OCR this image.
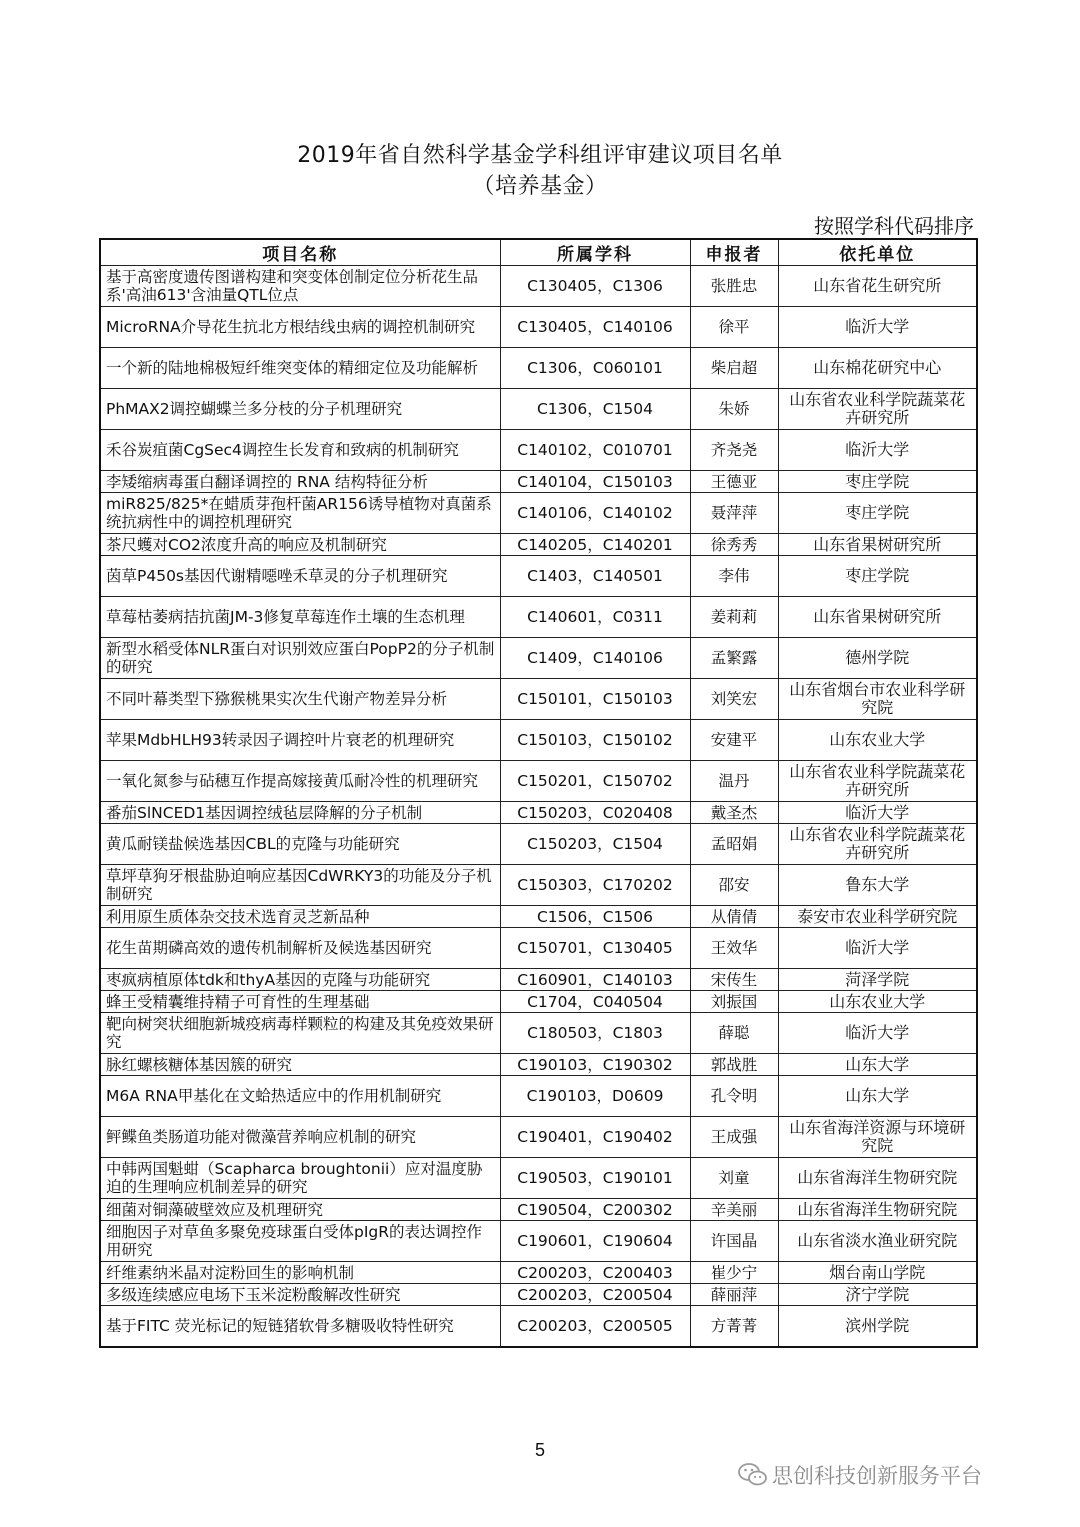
2019年省自然科学基金学科组评审建议项目名单
（培养基金）
按照学科代码排序
项目名称	所属学科	申报者	依托单位
基于高密度遗传图谱构建和突变体创制定位分析花生品系'高油613'含油量QTL位点	C130405，C1306	张胜忠	山东省花生研究所
MicroRNA介导花生抗北方根结线虫病的调控机制研究	C130405，C140106	徐平	临沂大学
一个新的陆地棉极短纤维突变体的精细定位及功能解析	C1306，C060101	柴启超	山东棉花研究中心
PhMAX2调控蝴蝶兰多分枝的分子机理研究	C1306，C1504	朱娇	山东省农业科学院蔬菜花卉研究所
禾谷炭疽菌CgSec4调控生长发育和致病的机制研究	C140102，C010701	齐尧尧	临沂大学
李矮缩病毒蛋白翻译调控的 RNA 结构特征分析	C140104，C150103	王德亚	枣庄学院
miR825/825*在蜡质芽孢杆菌AR156诱导植物对真菌系统抗病性中的调控机理研究	C140106，C140102	聂萍萍	枣庄学院
茶尺蠖对CO2浓度升高的响应及机制研究	C140205，C140201	徐秀秀	山东省果树研究所
茵草P450s基因代谢精噁唑禾草灵的分子机理研究	C1403，C140501	李伟	枣庄学院
草莓枯萎病拮抗菌JM-3修复草莓连作土壤的生态机理	C140601，C0311	姜莉莉	山东省果树研究所
新型水稻受体NLR蛋白对识别效应蛋白PopP2的分子机制的研究	C1409，C140106	孟繁露	德州学院
不同叶幕类型下猕猴桃果实次生代谢产物差异分析	C150101，C150103	刘笑宏	山东省烟台市农业科学研究院
苹果MdbHLH93转录因子调控叶片衰老的机理研究	C150103，C150102	安建平	山东农业大学
一氧化氮参与砧穗互作提高嫁接黄瓜耐冷性的机理研究	C150201，C150702	温丹	山东省农业科学院蔬菜花卉研究所
番茄SlNCED1基因调控绒毡层降解的分子机制	C150203，C020408	戴圣杰	临沂大学
黄瓜耐镁盐候选基因CBL的克隆与功能研究	C150203，C1504	孟昭娟	山东省农业科学院蔬菜花卉研究所
草坪草狗牙根盐胁迫响应基因CdWRKY3的功能及分子机制研究	C150303，C170202	邵安	鲁东大学
利用原生质体杂交技术选育灵芝新品种	C1506，C1506	从倩倩	泰安市农业科学研究院
花生苗期磷高效的遗传机制解析及候选基因研究	C150701，C130405	王效华	临沂大学
枣疯病植原体tdk和thyA基因的克隆与功能研究	C160901，C140103	宋传生	菏泽学院
蜂王受精囊维持精子可育性的生理基础	C1704，C040504	刘振国	山东农业大学
靶向树突状细胞新城疫病毒样颗粒的构建及其免疫效果研究	C180503，C1803	薛聪	临沂大学
脉红螺核糖体基因簇的研究	C190103，C190302	郭战胜	山东大学
M6A RNA甲基化在文蛤热适应中的作用机制研究	C190103，D0609	孔令明	山东大学
鲆鲽鱼类肠道功能对微藻营养响应机制的研究	C190401，C190402	王成强	山东省海洋资源与环境研究院
中韩两国魁蚶（Scapharca broughtonii）应对温度胁迫的生理响应机制差异的研究	C190503，C190101	刘童	山东省海洋生物研究院
细菌对铜藻破壁效应及机理研究	C190504，C200302	辛美丽	山东省海洋生物研究院
细胞因子对草鱼多聚免疫球蛋白受体pIgR的表达调控作用研究	C190601，C190604	许国晶	山东省淡水渔业研究院
纤维素纳米晶对淀粉回生的影响机制	C200203，C200403	崔少宁	烟台南山学院
多级连续感应电场下玉米淀粉酸解改性研究	C200203，C200504	薛丽萍	济宁学院
基于FITC 荧光标记的短链猪软骨多糖吸收特性研究	C200203，C200505	方菁菁	滨州学院
5
思创科技创新服务平台
